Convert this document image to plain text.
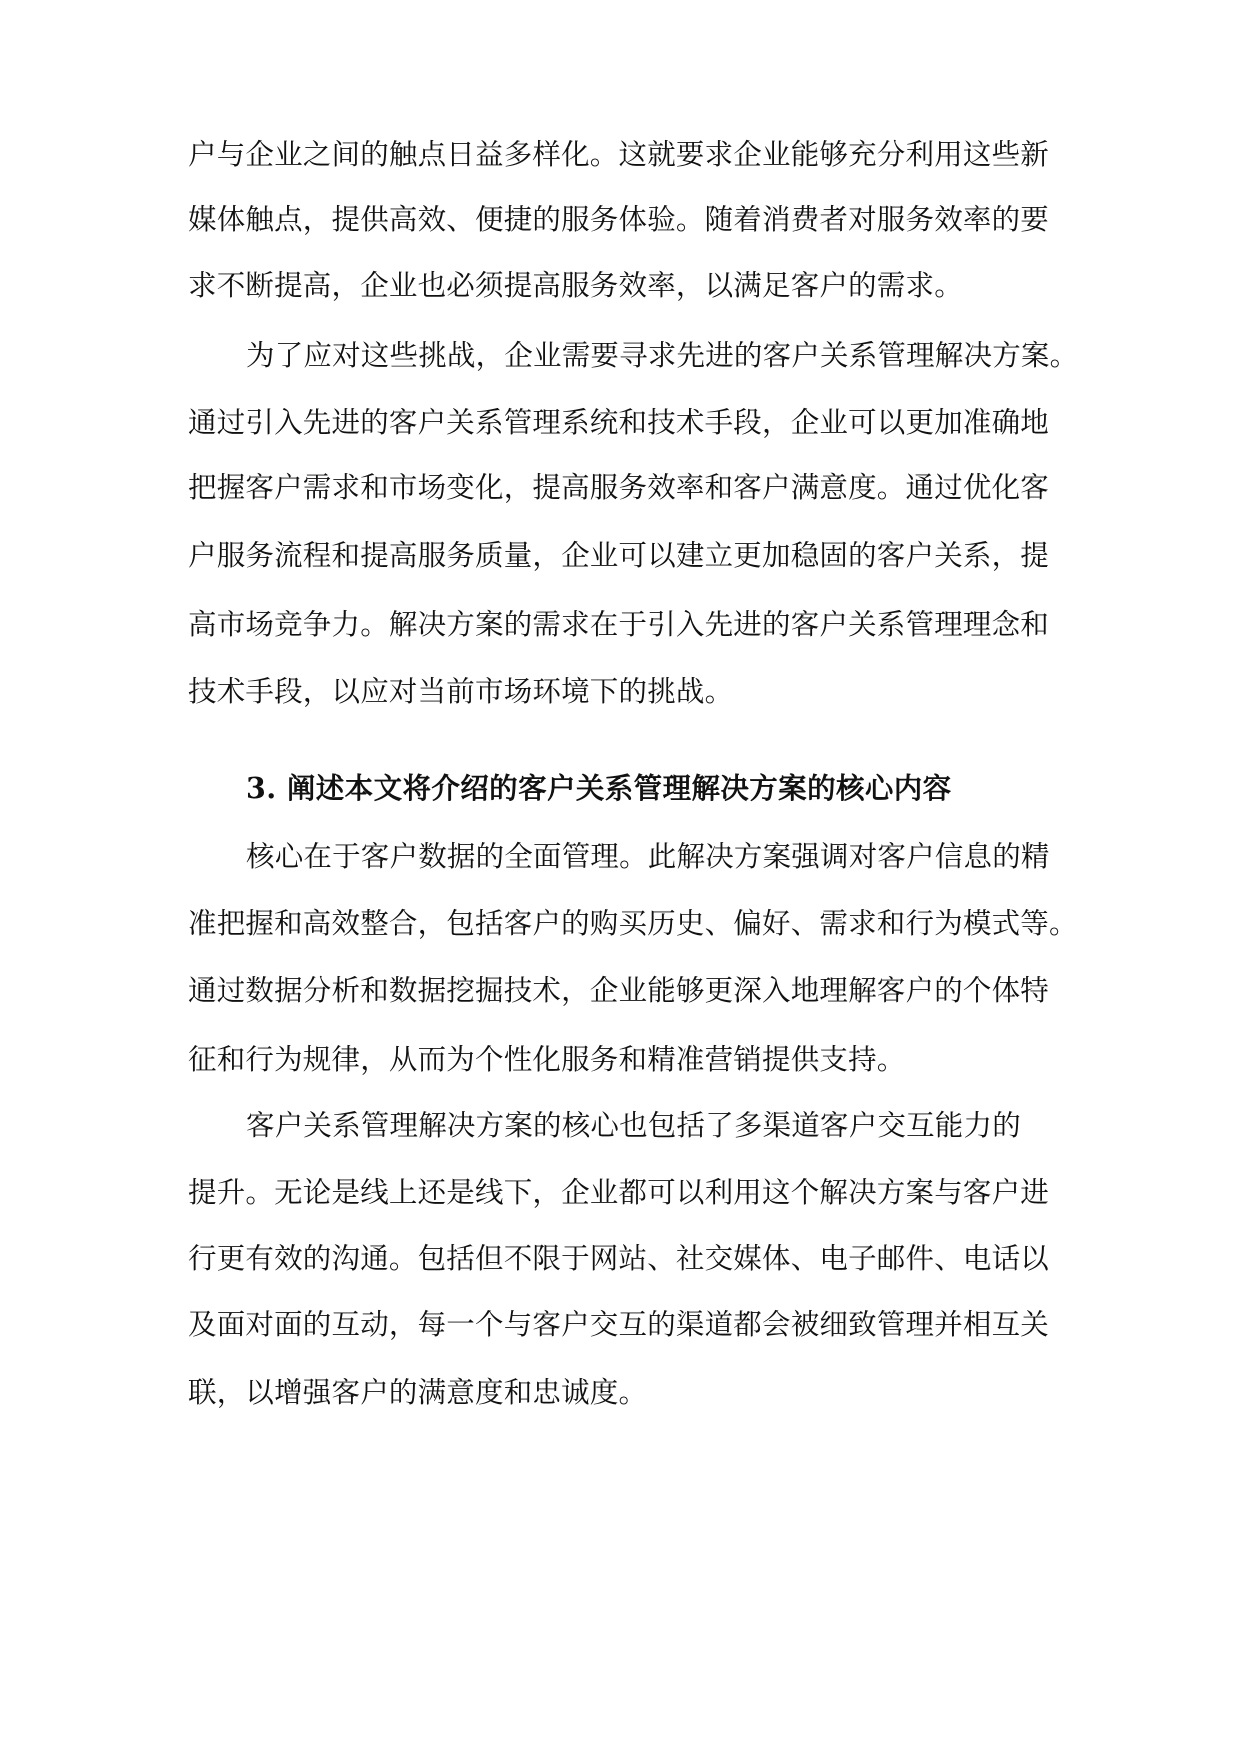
户与企业之间的触点日益多样化。这就要求企业能够充分利用这些新
媒体触点，提供高效、便捷的服务体验。随着消费者对服务效率的要
求不断提高，企业也必须提高服务效率，以满足客户的需求。
为了应对这些挑战，企业需要寻求先进的客户关系管理解决方案。
通过引入先进的客户关系管理系统和技术手段，企业可以更加准确地
把握客户需求和市场变化，提高服务效率和客户满意度。通过优化客
户服务流程和提高服务质量，企业可以建立更加稳固的客户关系，提
高市场竞争力。解决方案的需求在于引入先进的客户关系管理理念和
技术手段，以应对当前市场环境下的挑战。
3. 阐述本文将介绍的客户关系管理解决方案的核心内容
核心在于客户数据的全面管理。此解决方案强调对客户信息的精
准把握和高效整合，包括客户的购买历史、偏好、需求和行为模式等。
通过数据分析和数据挖掘技术，企业能够更深入地理解客户的个体特
征和行为规律，从而为个性化服务和精准营销提供支持。
客户关系管理解决方案的核心也包括了多渠道客户交互能力的
提升。无论是线上还是线下，企业都可以利用这个解决方案与客户进
行更有效的沟通。包括但不限于网站、社交媒体、电子邮件、电话以
及面对面的互动，每一个与客户交互的渠道都会被细致管理并相互关
联，以增强客户的满意度和忠诚度。
